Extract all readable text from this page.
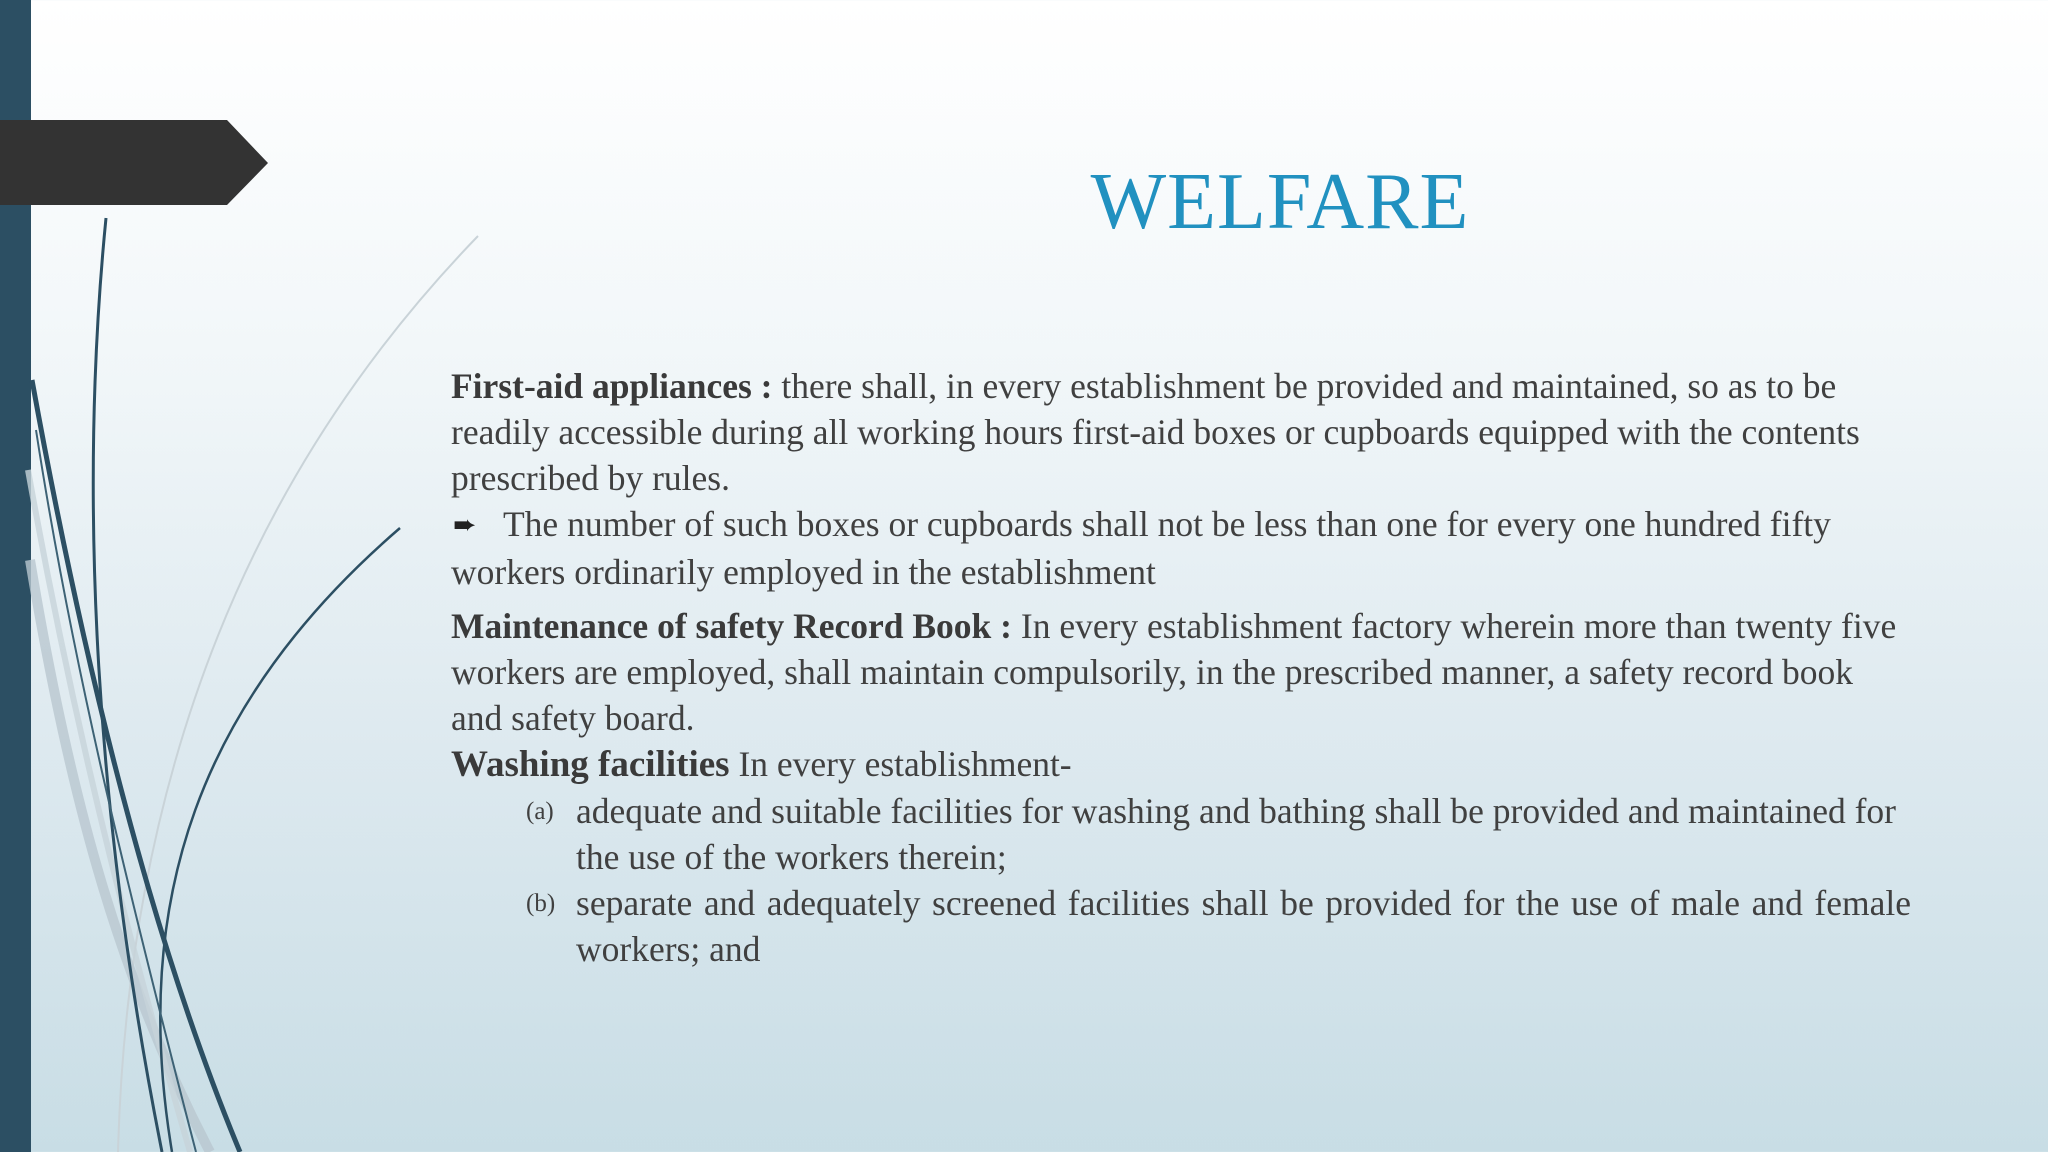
WELFARE

First-aid appliances : there shall, in every establishment be provided and maintained, so as to be readily accessible during all working hours first-aid boxes or cupboards equipped with the contents prescribed by rules.

➨ The number of such boxes or cupboards shall not be less than one for every one hundred fifty workers ordinarily employed in the establishment

Maintenance of safety Record Book : In every establishment factory wherein more than twenty five workers are employed, shall maintain compulsorily, in the prescribed manner, a safety record book and safety board.

Washing facilities In every establishment-

(a) adequate and suitable facilities for washing and bathing shall be provided and maintained for the use of the workers therein;

(b) separate and adequately screened facilities shall be provided for the use of male and female workers; and
